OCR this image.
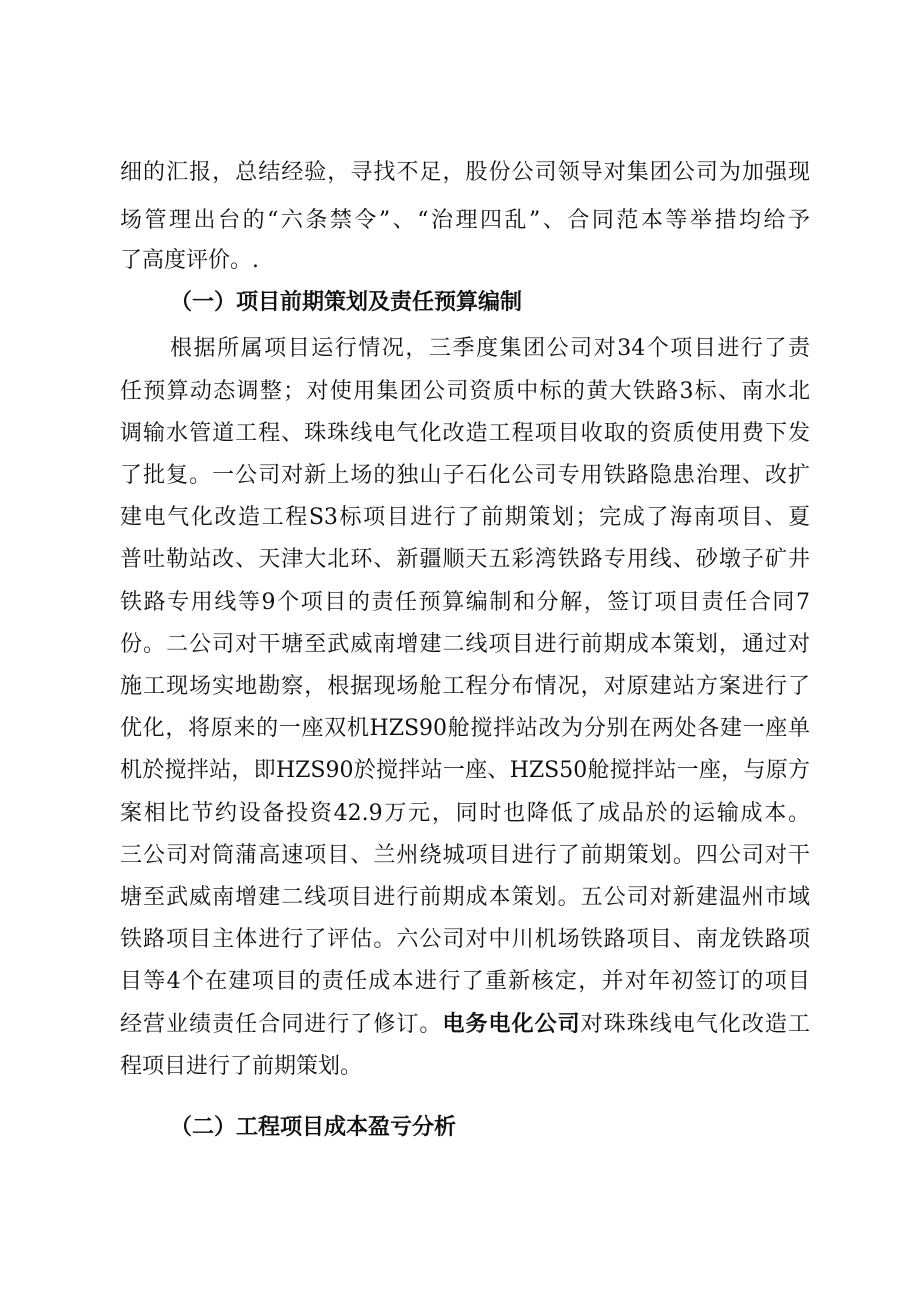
细的汇报，总结经验，寻找不足，股份公司领导对集团公司为加强现
场管理出台的“六条禁令”、“治理四乱”、合同范本等举措均给予
了高度评价。.
（一）项目前期策划及责任预算编制
根据所属项目运行情况，三季度集团公司对34个项目进行了责
任预算动态调整；对使用集团公司资质中标的黄大铁路3标、南水北
调输水管道工程、珠珠线电气化改造工程项目收取的资质使用费下发
了批复。一公司对新上场的独山子石化公司专用铁路隐患治理、改扩
建电气化改造工程S3标项目进行了前期策划；完成了海南项目、夏
普吐勒站改、天津大北环、新疆顺天五彩湾铁路专用线、砂墩子矿井
铁路专用线等9个项目的责任预算编制和分解，签订项目责任合同7
份。二公司对干塘至武威南增建二线项目进行前期成本策划，通过对
施工现场实地勘察，根据现场舱工程分布情况，对原建站方案进行了
优化，将原来的一座双机HZS90舱搅拌站改为分别在两处各建一座单
机於搅拌站，即HZS90於搅拌站一座、HZS50舱搅拌站一座，与原方
案相比节约设备投资42.9万元，同时也降低了成品於的运输成本。
三公司对筒蒲高速项目、兰州绕城项目进行了前期策划。四公司对干
塘至武威南增建二线项目进行前期成本策划。五公司对新建温州市域
铁路项目主体进行了评估。六公司对中川机场铁路项目、南龙铁路项
目等4个在建项目的责任成本进行了重新核定，并对年初签订的项目
经营业绩责任合同进行了修订。电务电化公司对珠珠线电气化改造工
程项目进行了前期策划。
（二）工程项目成本盈亏分析
